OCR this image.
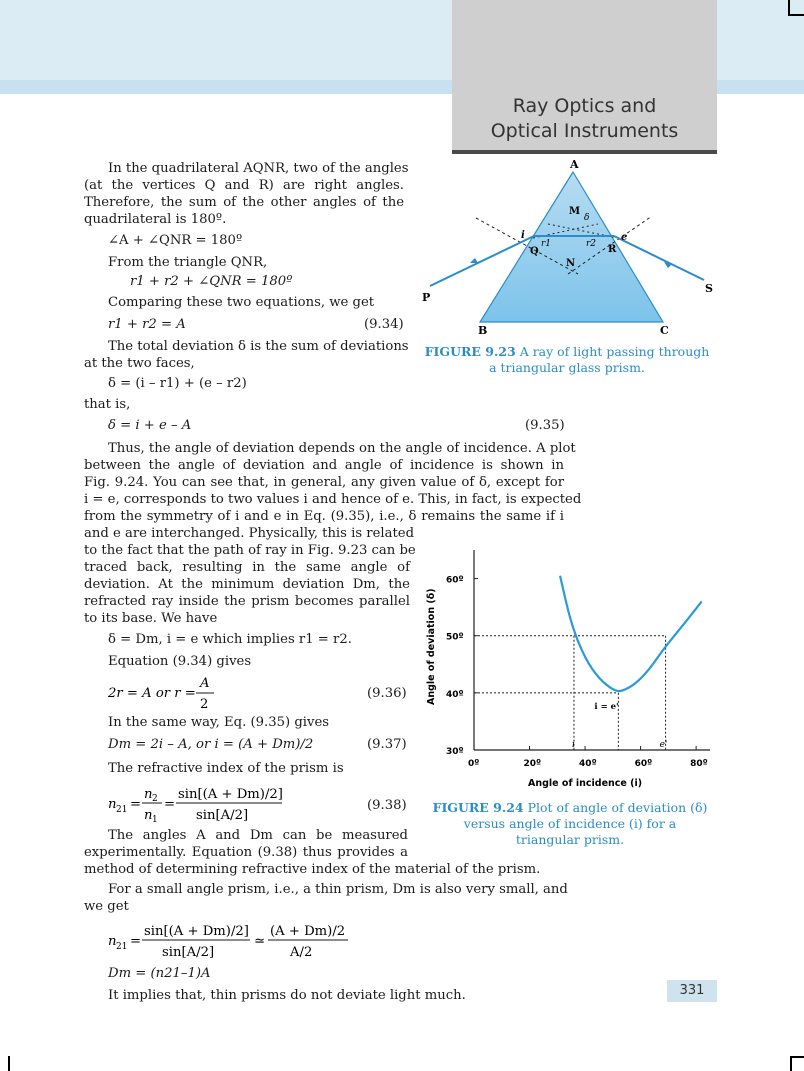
Ray Optics and
Optical Instruments
In the quadrilateral AQNR, two of the angles
(at the vertices Q and R) are right angles.
Therefore, the sum of the other angles of the
quadrilateral is 180º.
∠A + ∠QNR = 180º
From the triangle QNR,
r1 + r2 + ∠QNR = 180º
Comparing these two equations, we get
r1 + r2 = A	(9.34)
The total deviation δ is the sum of deviations
at the two faces,
δ = (i – r1) + (e – r2)
that is,
δ = i + e – A	(9.35)
Thus, the angle of deviation depends on the angle of incidence. A plot
between the angle of deviation and angle of incidence is shown in
Fig. 9.24. You can see that, in general, any given value of δ, except for
i = e, corresponds to two values i and hence of e. This, in fact, is expected
from the symmetry of i and e in Eq. (9.35), i.e., δ remains the same if i
and e are interchanged. Physically, this is related
to the fact that the path of ray in Fig. 9.23 can be
traced back, resulting in the same angle of
deviation. At the minimum deviation Dm, the
refracted ray inside the prism becomes parallel
to its base. We have
δ = Dm, i = e which implies r1 = r2.
Equation (9.34) gives
2r = A or r =
A
2
(9.36)
In the same way, Eq. (9.35) gives
Dm = 2i – A, or i = (A + Dm)/2	(9.37)
The refractive index of the prism is
n 21 =
n 2
n 1
=
sin[(A + Dm)/2]
sin[A/2]
(9.38)
The angles A and Dm can be measured
experimentally. Equation (9.38) thus provides a
method of determining refractive index of the material of the prism.
For a small angle prism, i.e., a thin prism, Dm is also very small, and
we get
n 21 =
sin[(A + Dm)/2]
sin[A/2]
≃
(A + Dm)/2
A/2
Dm = (n21–1)A
It implies that, thin prisms do not deviate light much.
A
B	C
P
S
Q	R
M
N
i	e
r1	r2
δ
FIGURE 9.23 A ray of light passing through
a triangular glass prism.
0º	20º	40º	60º	80º
30º
40º
50º
60º
Angle of incidence (i)
Angle of deviation (δ)
i	e'
i = e'
FIGURE 9.24 Plot of angle of deviation (δ)
versus angle of incidence (i) for a
triangular prism.
331
